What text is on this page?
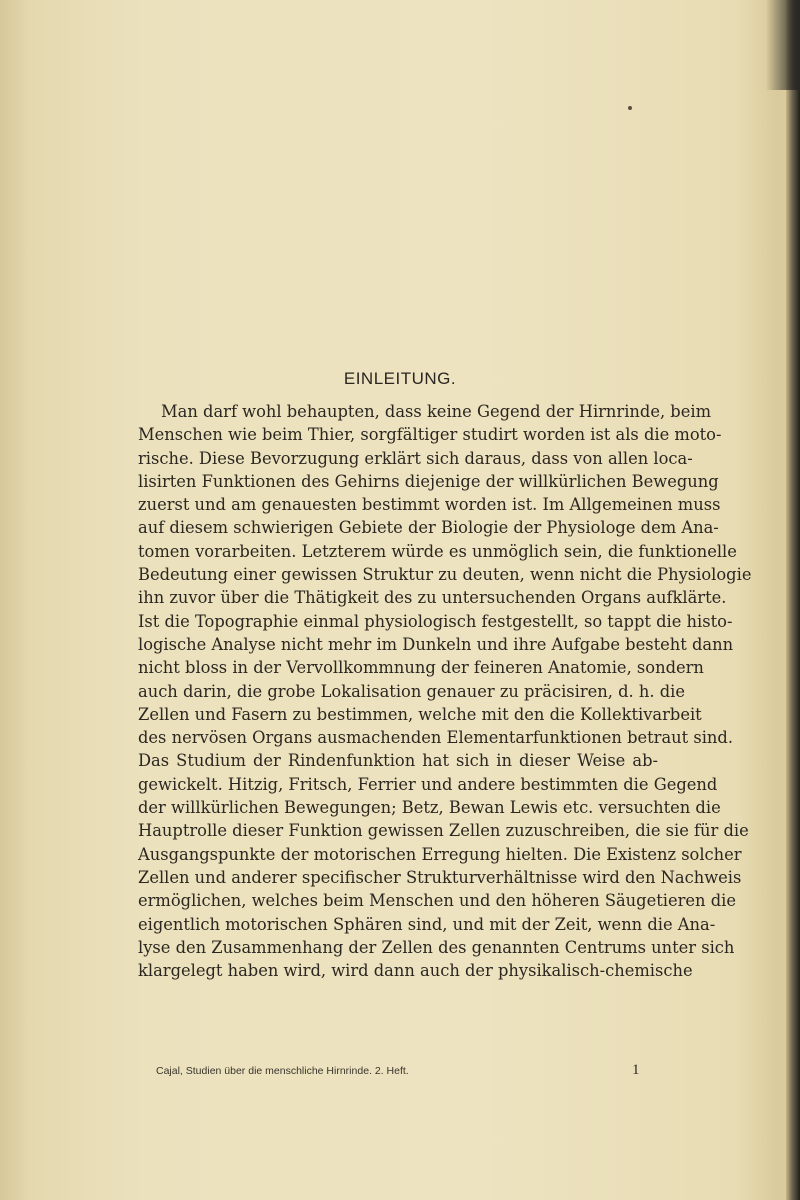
EINLEITUNG.
Man darf wohl behaupten, dass keine Gegend der Hirnrinde, beim
Menschen wie beim Thier, sorgfältiger studirt worden ist als die moto-
rische. Diese Bevorzugung erklärt sich daraus, dass von allen loca-
lisirten Funktionen des Gehirns diejenige der willkürlichen Bewegung
zuerst und am genauesten bestimmt worden ist. Im Allgemeinen muss
auf diesem schwierigen Gebiete der Biologie der Physiologe dem Ana-
tomen vorarbeiten. Letzterem würde es unmöglich sein, die funktionelle
Bedeutung einer gewissen Struktur zu deuten, wenn nicht die Physiologie
ihn zuvor über die Thätigkeit des zu untersuchenden Organs aufklärte.
Ist die Topographie einmal physiologisch festgestellt, so tappt die histo-
logische Analyse nicht mehr im Dunkeln und ihre Aufgabe besteht dann
nicht bloss in der Vervollkommnung der feineren Anatomie, sondern
auch darin, die grobe Lokalisation genauer zu präcisiren, d. h. die
Zellen und Fasern zu bestimmen, welche mit den die Kollektivarbeit
des nervösen Organs ausmachenden Elementarfunktionen betraut sind.
Das Studium der Rindenfunktion hat sich in dieser Weise ab-
gewickelt. Hitzig, Fritsch, Ferrier und andere bestimmten die Gegend
der willkürlichen Bewegungen; Betz, Bewan Lewis etc. versuchten die
Hauptrolle dieser Funktion gewissen Zellen zuzuschreiben, die sie für die
Ausgangspunkte der motorischen Erregung hielten. Die Existenz solcher
Zellen und anderer specifischer Strukturverhältnisse wird den Nachweis
ermöglichen, welches beim Menschen und den höheren Säugetieren die
eigentlich motorischen Sphären sind, und mit der Zeit, wenn die Ana-
lyse den Zusammenhang der Zellen des genannten Centrums unter sich
klargelegt haben wird, wird dann auch der physikalisch-chemische
Cajal, Studien über die menschliche Hirnrinde. 2. Heft.	1
